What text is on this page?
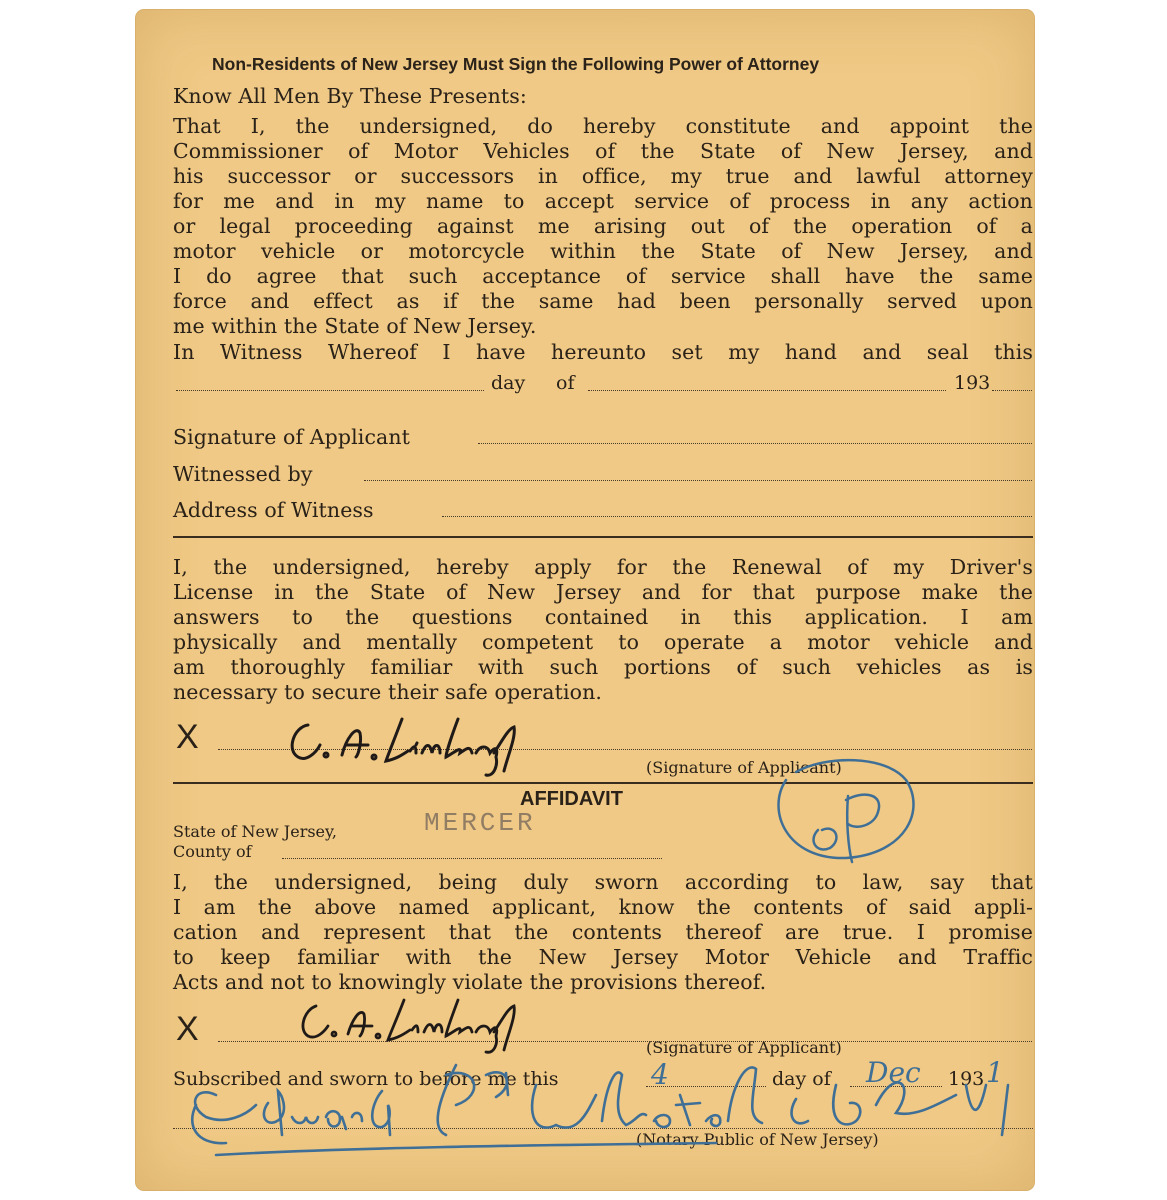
Non-Residents of New Jersey Must Sign the Following Power of Attorney
Know All Men By These Presents:
That I, the undersigned, do hereby constitute and appoint the
Commissioner of Motor Vehicles of the State of New Jersey, and
his successor or successors in office, my true and lawful attorney
for me and in my name to accept service of process in any action
or legal proceeding against me arising out of the operation of a
motor vehicle or motorcycle within the State of New Jersey, and
I do agree that such acceptance of service shall have the same
force and effect as if the same had been personally served upon
me within the State of New Jersey.
In Witness Whereof I have hereunto set my hand and seal this
day of	193
Signature of Applicant
Witnessed by
Address of Witness
I, the undersigned, hereby apply for the Renewal of my Driver's
License in the State of New Jersey and for that purpose make the
answers to the questions contained in this application. I am
physically and mentally competent to operate a motor vehicle and
am thoroughly familiar with such portions of such vehicles as is
necessary to secure their safe operation.
X
(Signature of Applicant)
AFFIDAVIT
State of New Jersey,	MERCER
County of
I, the undersigned, being duly sworn according to law, say that
I am the above named applicant, know the contents of said appli-
cation and represent that the contents thereof are true. I promise
to keep familiar with the New Jersey Motor Vehicle and Traffic
Acts and not to knowingly violate the provisions thereof.
X	(Signature of Applicant)
Subscribed and sworn to before me this	day of	193
(Notary Public of New Jersey)
4	Dec 1
